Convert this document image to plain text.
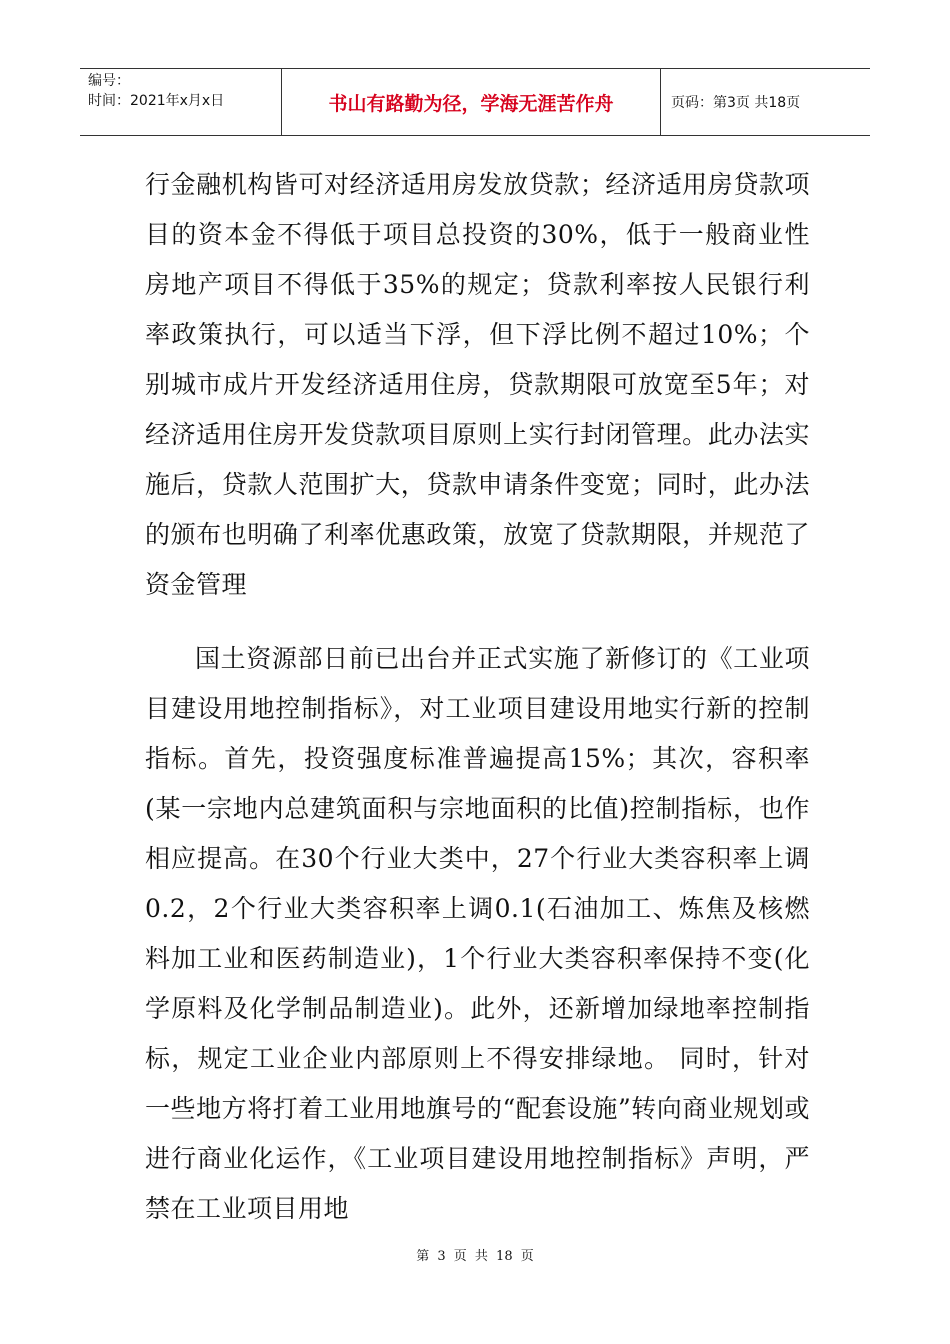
编号：
时间：2021年x月x日	书山有路勤为径，学海无涯苦作舟	页码：第3页 共18页

行金融机构皆可对经济适用房发放贷款；经济适用房贷款项目的资本金不得低于项目总投资的30%，低于一般商业性房地产项目不得低于35%的规定；贷款利率按人民银行利率政策执行，可以适当下浮，但下浮比例不超过10%；个别城市成片开发经济适用住房，贷款期限可放宽至5年；对经济适用住房开发贷款项目原则上实行封闭管理。此办法实施后，贷款人范围扩大，贷款申请条件变宽；同时，此办法的颁布也明确了利率优惠政策，放宽了贷款期限，并规范了资金管理

国土资源部日前已出台并正式实施了新修订的《工业项目建设用地控制指标》，对工业项目建设用地实行新的控制指标。首先，投资强度标准普遍提高15%；其次，容积率(某一宗地内总建筑面积与宗地面积的比值)控制指标，也作相应提高。在30个行业大类中，27个行业大类容积率上调0.2，2个行业大类容积率上调0.1(石油加工、炼焦及核燃料加工业和医药制造业)，1个行业大类容积率保持不变(化学原料及化学制品制造业)。此外，还新增加绿地率控制指标，规定工业企业内部原则上不得安排绿地。 同时，针对一些地方将打着工业用地旗号的“配套设施”转向商业规划或进行商业化运作，《工业项目建设用地控制指标》声明，严禁在工业项目用地

第 3 页 共 18 页
